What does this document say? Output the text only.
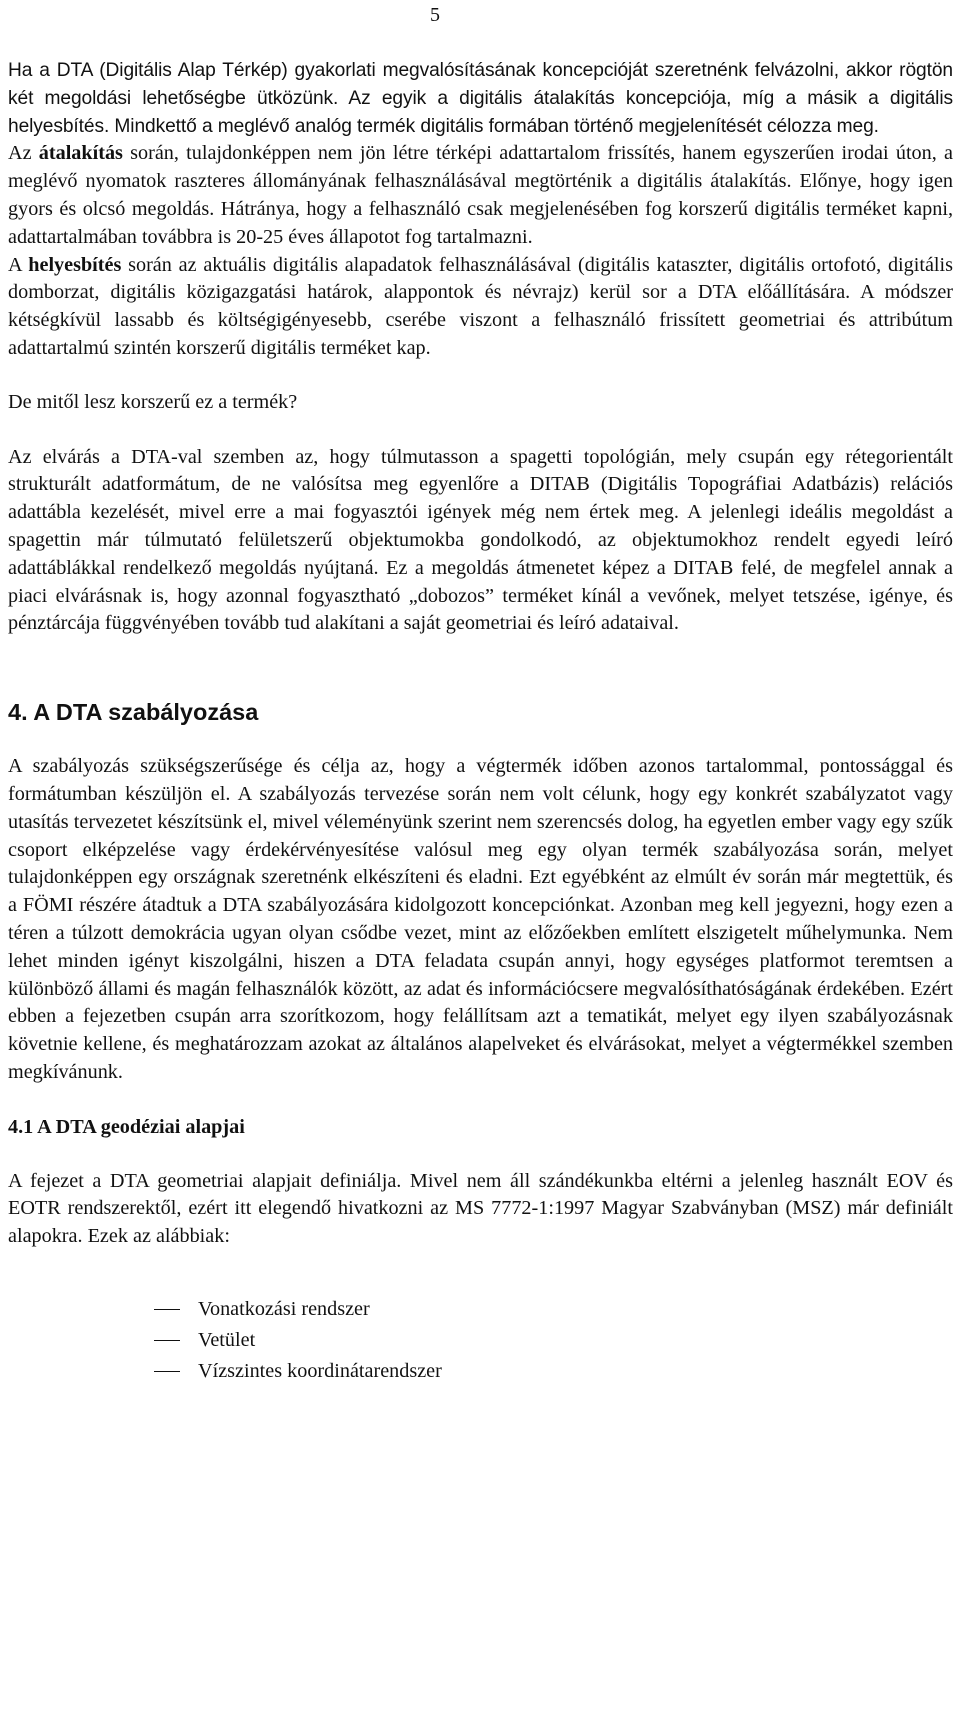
5

Ha a DTA (Digitális Alap Térkép) gyakorlati megvalósításának koncepcióját szeretnénk felvázolni, akkor rögtön két megoldási lehetőségbe ütközünk. Az egyik a digitális átalakítás koncepciója, míg a másik a digitális helyesbítés. Mindkettő a meglévő analóg termék digitális formában történő megjelenítését célozza meg.

Az átalakítás során, tulajdonképpen nem jön létre térképi adattartalom frissítés, hanem egyszerűen irodai úton, a meglévő nyomatok raszteres állományának felhasználásával megtörténik a digitális átalakítás. Előnye, hogy igen gyors és olcsó megoldás. Hátránya, hogy a felhasználó csak megjelenésében fog korszerű digitális terméket kapni, adattartalmában továbbra is 20-25 éves állapotot fog tartalmazni.

A helyesbítés során az aktuális digitális alapadatok felhasználásával (digitális kataszter, digitális ortofotó, digitális domborzat, digitális közigazgatási határok, alappontok és névrajz) kerül sor a DTA előállítására. A módszer kétségkívül lassabb és költségigényesebb, cserébe viszont a felhasználó frissített geometriai és attribútum adattartalmú szintén korszerű digitális terméket kap.

De mitől lesz korszerű ez a termék?

Az elvárás a DTA-val szemben az, hogy túlmutasson a spagetti topológián, mely csupán egy rétegorientált strukturált adatformátum, de ne valósítsa meg egyenlőre a DITAB (Digitális Topográfiai Adatbázis) relációs adattábla kezelését, mivel erre a mai fogyasztói igények még nem értek meg. A jelenlegi ideális megoldást a spagettin már túlmutató felületszerű objektumokba gondolkodó, az objektumokhoz rendelt egyedi leíró adattáblákkal rendelkező megoldás nyújtaná. Ez a megoldás átmenetet képez a DITAB felé, de megfelel annak a piaci elvárásnak is, hogy azonnal fogyasztható „dobozos” terméket kínál a vevőnek, melyet tetszése, igénye, és pénztárcája függvényében tovább tud alakítani a saját geometriai és leíró adataival.

4. A DTA szabályozása

A szabályozás szükségszerűsége és célja az, hogy a végtermék időben azonos tartalommal, pontossággal és formátumban készüljön el. A szabályozás tervezése során nem volt célunk, hogy egy konkrét szabályzatot vagy utasítás tervezetet készítsünk el, mivel véleményünk szerint nem szerencsés dolog, ha egyetlen ember vagy egy szűk csoport elképzelése vagy érdekérvényesítése valósul meg egy olyan termék szabályozása során, melyet tulajdonképpen egy országnak szeretnénk elkészíteni és eladni. Ezt egyébként az elmúlt év során már megtettük, és a FÖMI részére átadtuk a DTA szabályozására kidolgozott koncepciónkat. Azonban meg kell jegyezni, hogy ezen a téren a túlzott demokrácia ugyan olyan csődbe vezet, mint az előzőekben említett elszigetelt műhelymunka. Nem lehet minden igényt kiszolgálni, hiszen a DTA feladata csupán annyi, hogy egységes platformot teremtsen a különböző állami és magán felhasználók között, az adat és információcsere megvalósíthatóságának érdekében. Ezért ebben a fejezetben csupán arra szorítkozom, hogy felállítsam azt a tematikát, melyet egy ilyen szabályozásnak követnie kellene, és meghatározzam azokat az általános alapelveket és elvárásokat, melyet a végtermékkel szemben megkívánunk.

4.1 A DTA geodéziai alapjai

A fejezet a DTA geometriai alapjait definiálja. Mivel nem áll szándékunkba eltérni a jelenleg használt EOV és EOTR rendszerektől, ezért itt elegendő hivatkozni az MS 7772-1:1997 Magyar Szabványban (MSZ) már definiált alapokra. Ezek az alábbiak:

Vonatkozási rendszer
Vetület
Vízszintes koordinátarendszer
